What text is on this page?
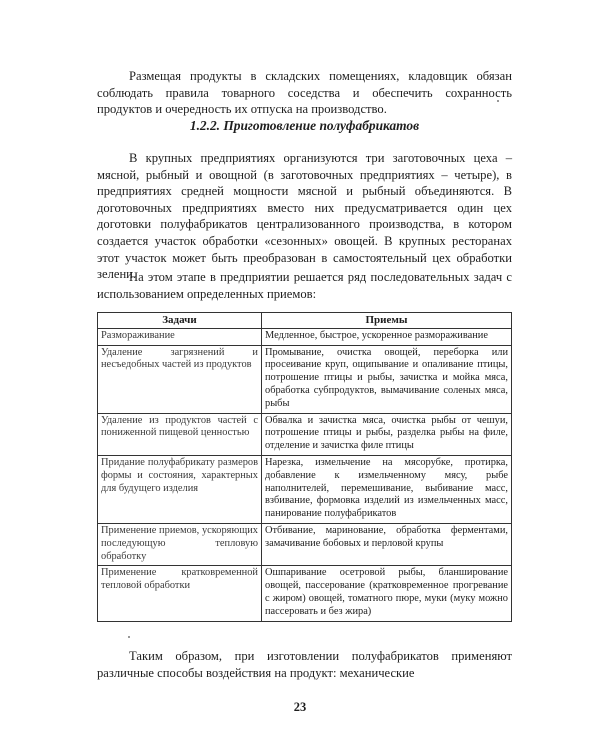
Размещая продукты в складских помещениях, кладовщик обязан соблюдать правила товарного соседства и обеспечить сохранность продуктов и очередность их отпуска на производство.

1.2.2. Приготовление полуфабрикатов

В крупных предприятиях организуются три заготовочных цеха – мясной, рыбный и овощной (в заготовочных предприятиях – четыре), в предприятиях средней мощности мясной и рыбный объединяются. В доготовочных предприятиях вместо них предусматривается один цех доготовки полуфабрикатов централизованного производства, в котором создается участок обработки «сезонных» овощей. В крупных ресторанах этот участок может быть преобразован в самостоятельный цех обработки зелени.

На этом этапе в предприятии решается ряд последовательных задач с использованием определенных приемов:

Задачи	Приемы
Размораживание	Медленное, быстрое, ускоренное размораживание
Удаление загрязнений и несъедобных частей из продуктов	Промывание, очистка овощей, переборка или просеивание круп, ощипывание и опаливание птицы, потрошение птицы и рыбы, зачистка и мойка мяса, обработка субпродуктов, вымачивание соленых мяса, рыбы
Удаление из продуктов частей с пониженной пищевой ценностью	Обвалка и зачистка мяса, очистка рыбы от чешуи, потрошение птицы и рыбы, разделка рыбы на филе, отделение и зачистка филе птицы
Придание полуфабрикату размеров формы и состояния, характерных для будущего изделия	Нарезка, измельчение на мясорубке, протирка, добавление к измельченному мясу, рыбе наполнителей, перемешивание, выбивание масс, взбивание, формовка изделий из измельченных масс, панирование полуфабрикатов
Применение приемов, ускоряющих последующую тепловую обработку	Отбивание, маринование, обработка ферментами, замачивание бобовых и перловой крупы
Применение кратковременной тепловой обработки	Ошпаривание осетровой рыбы, бланширование овощей, пассерование (кратковременное прогревание с жиром) овощей, томатного пюре, муки (муку можно пассеровать и без жира)

Таким образом, при изготовлении полуфабрикатов применяют различные способы воздействия на продукт: механические

23
